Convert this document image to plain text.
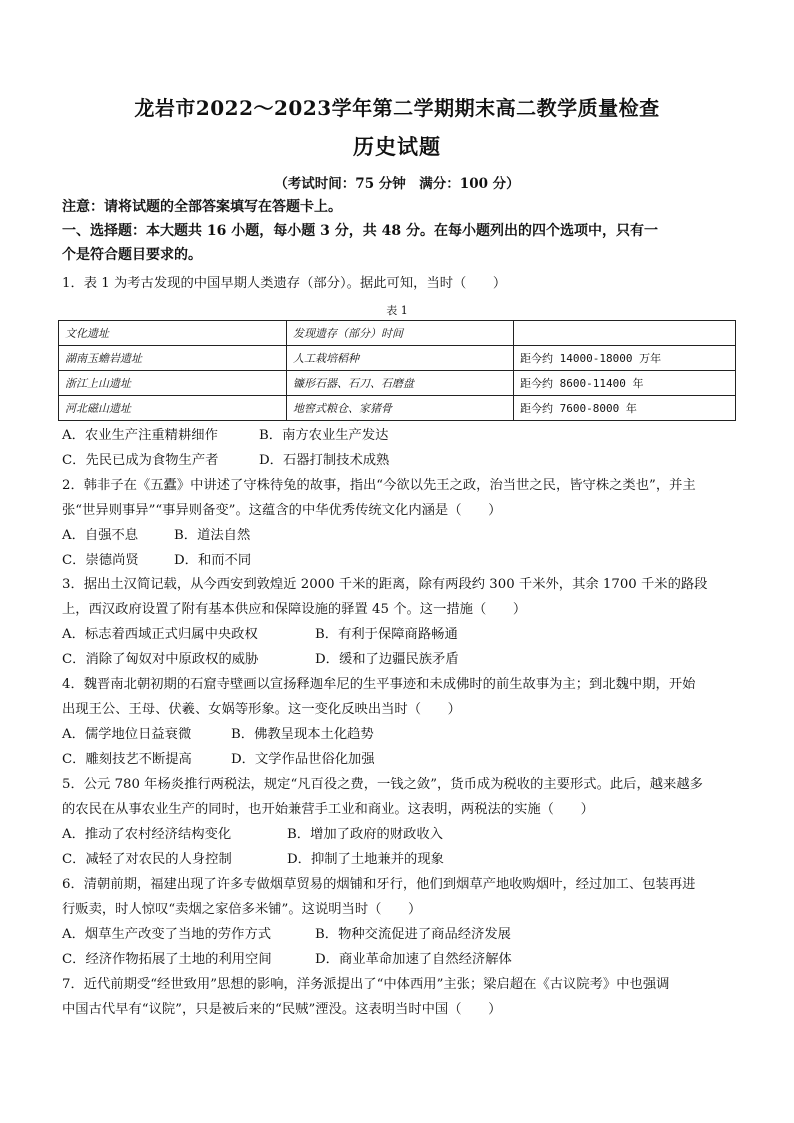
龙岩市2022～2023学年第二学期期末高二教学质量检查
历史试题
（考试时间：75 分钟　满分：100 分）
注意：请将试题的全部答案填写在答题卡上。
一、选择题：本大题共 16 小题，每小题 3 分，共 48 分。在每小题列出的四个选项中，只有一
个是符合题目要求的。
1．表 1 为考古发现的中国早期人类遗存（部分）。据此可知，当时（　　）
表 1
文化遗址	发现遗存（部分）时间	
湖南玉蟾岩遗址	人工栽培稻种	距今约 14000-18000 万年
浙江上山遗址	镰形石器、石刀、石磨盘	距今约 8600-11400 年
河北磁山遗址	地窖式粮仓、家猪骨	距今约 7600-8000 年
A．农业生产注重精耕细作	B．南方农业生产发达
C．先民已成为食物生产者	D．石器打制技术成熟
2．韩非子在《五蠹》中讲述了守株待兔的故事，指出“今欲以先王之政，治当世之民，皆守株之类也”，并主
张“世异则事异”“事异则备变”。这蕴含的中华优秀传统文化内涵是（　　）
A．自强不息	B．道法自然
C．崇德尚贤	D．和而不同
3．据出土汉简记载，从今西安到敦煌近 2000 千米的距离，除有两段约 300 千米外，其余 1700 千米的路段
上，西汉政府设置了附有基本供应和保障设施的驿置 45 个。这一措施（　　）
A．标志着西域正式归属中央政权	B．有利于保障商路畅通
C．消除了匈奴对中原政权的威胁	D．缓和了边疆民族矛盾
4．魏晋南北朝初期的石窟寺壁画以宣扬释迦牟尼的生平事迹和未成佛时的前生故事为主；到北魏中期，开始
出现王公、王母、伏羲、女娲等形象。这一变化反映出当时（　　）
A．儒学地位日益衰微	B．佛教呈现本土化趋势
C．雕刻技艺不断提高	D．文学作品世俗化加强
5．公元 780 年杨炎推行两税法，规定“凡百役之费，一钱之敛”，货币成为税收的主要形式。此后，越来越多
的农民在从事农业生产的同时，也开始兼营手工业和商业。这表明，两税法的实施（　　）
A．推动了农村经济结构变化	B．增加了政府的财政收入
C．减轻了对农民的人身控制	D．抑制了土地兼并的现象
6．清朝前期，福建出现了许多专做烟草贸易的烟铺和牙行，他们到烟草产地收购烟叶，经过加工、包装再进
行贩卖，时人惊叹“卖烟之家倍多米铺”。这说明当时（　　）
A．烟草生产改变了当地的劳作方式	B．物种交流促进了商品经济发展
C．经济作物拓展了土地的利用空间	D．商业革命加速了自然经济解体
7．近代前期受“经世致用”思想的影响，洋务派提出了“中体西用”主张；梁启超在《古议院考》中也强调
中国古代早有“议院”，只是被后来的“民贼”湮没。这表明当时中国（　　）
